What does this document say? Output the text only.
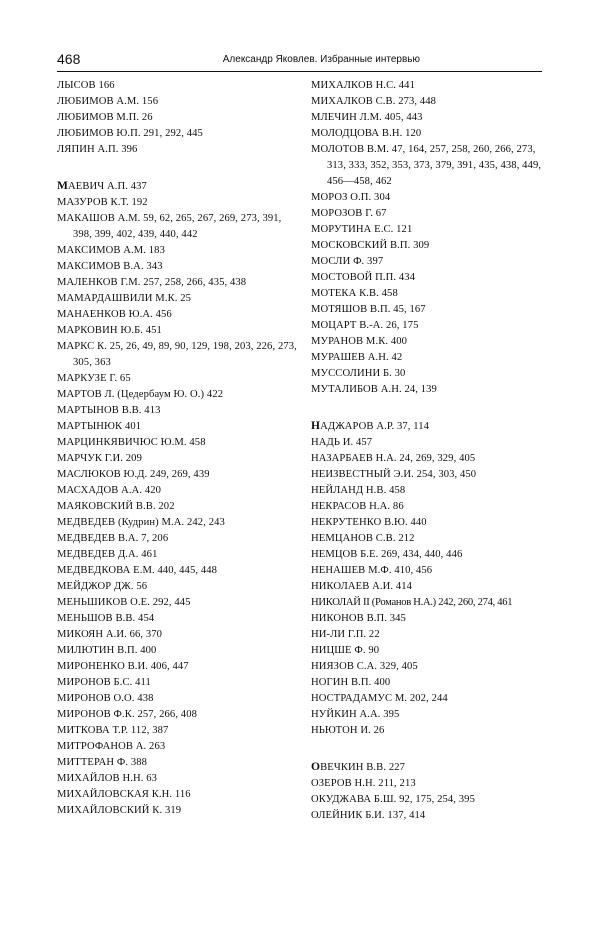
468	Александр Яковлев. Избранные интервью
ЛЫСОВ 166
ЛЮБИМОВ А.М. 156
ЛЮБИМОВ М.П. 26
ЛЮБИМОВ Ю.П. 291, 292, 445
ЛЯПИН А.П. 396
МАЕВИЧ А.П. 437
МАЗУРОВ К.Т. 192
МАКАШОВ А.М. 59, 62, 265, 267, 269, 273, 391, 398, 399, 402, 439, 440, 442
МАКСИМОВ А.М. 183
МАКСИМОВ В.А. 343
МАЛЕНКОВ Г.М. 257, 258, 266, 435, 438
МАМАРДАШВИЛИ М.К. 25
МАНАЕНКОВ Ю.А. 456
МАРКОВИН Ю.Б. 451
МАРКС К. 25, 26, 49, 89, 90, 129, 198, 203, 226, 273, 305, 363
МАРКУЗЕ Г. 65
МАРТОВ Л. (Цедербаум Ю. О.) 422
МАРТЫНОВ В.В. 413
МАРТЫНЮК 401
МАРЦИНКЯВИЧЮС Ю.М. 458
МАРЧУК Г.И. 209
МАСЛЮКОВ Ю.Д. 249, 269, 439
МАСХАДОВ А.А. 420
МАЯКОВСКИЙ В.В. 202
МЕДВЕДЕВ (Кудрин) М.А. 242, 243
МЕДВЕДЕВ В.А. 7, 206
МЕДВЕДЕВ Д.А. 461
МЕДВЕДКОВА Е.М. 440, 445, 448
МЕЙДЖОР ДЖ. 56
МЕНЬШИКОВ О.Е. 292, 445
МЕНЬШОВ В.В. 454
МИКОЯН А.И. 66, 370
МИЛЮТИН В.П. 400
МИРОНЕНКО В.И. 406, 447
МИРОНОВ Б.С. 411
МИРОНОВ О.О. 438
МИРОНОВ Ф.К. 257, 266, 408
МИТКОВА Т.Р. 112, 387
МИТРОФАНОВ А. 263
МИТТЕРАН Ф. 388
МИХАЙЛОВ Н.Н. 63
МИХАЙЛОВСКАЯ К.Н. 116
МИХАЙЛОВСКИЙ К. 319
МИХАЛКОВ Н.С. 441
МИХАЛКОВ С.В. 273, 448
МЛЕЧИН Л.М. 405, 443
МОЛОДЦОВА В.Н. 120
МОЛОТОВ В.М. 47, 164, 257, 258, 260, 266, 273, 313, 333, 352, 353, 373, 379, 391, 435, 438, 449, 456—458, 462
МОРОЗ О.П. 304
МОРОЗОВ Г. 67
МОРУТИНА Е.С. 121
МОСКОВСКИЙ В.П. 309
МОСЛИ Ф. 397
МОСТОВОЙ П.П. 434
МОТЕКА К.В. 458
МОТЯШОВ В.П. 45, 167
МОЦАРТ В.-А. 26, 175
МУРАНОВ М.К. 400
МУРАШЕВ А.Н. 42
МУССОЛИНИ Б. 30
МУТАЛИБОВ А.Н. 24, 139
НАДЖАРОВ А.Р. 37, 114
НАДЬ И. 457
НАЗАРБАЕВ Н.А. 24, 269, 329, 405
НЕИЗВЕСТНЫЙ Э.И. 254, 303, 450
НЕЙЛАНД Н.В. 458
НЕКРАСОВ Н.А. 86
НЕКРУТЕНКО В.Ю. 440
НЕМЦАНОВ С.В. 212
НЕМЦОВ Б.Е. 269, 434, 440, 446
НЕНАШЕВ М.Ф. 410, 456
НИКОЛАЕВ А.И. 414
НИКОЛАЙ II (Романов Н.А.) 242, 260, 274, 461
НИКОНОВ В.П. 345
НИ-ЛИ Г.П. 22
НИЦШЕ Ф. 90
НИЯЗОВ С.А. 329, 405
НОГИН В.П. 400
НОСТРАДАМУС М. 202, 244
НУЙКИН А.А. 395
НЬЮТОН И. 26
ОВЕЧКИН В.В. 227
ОЗЕРОВ Н.Н. 211, 213
ОКУДЖАВА Б.Ш. 92, 175, 254, 395
ОЛЕЙНИК Б.И. 137, 414
